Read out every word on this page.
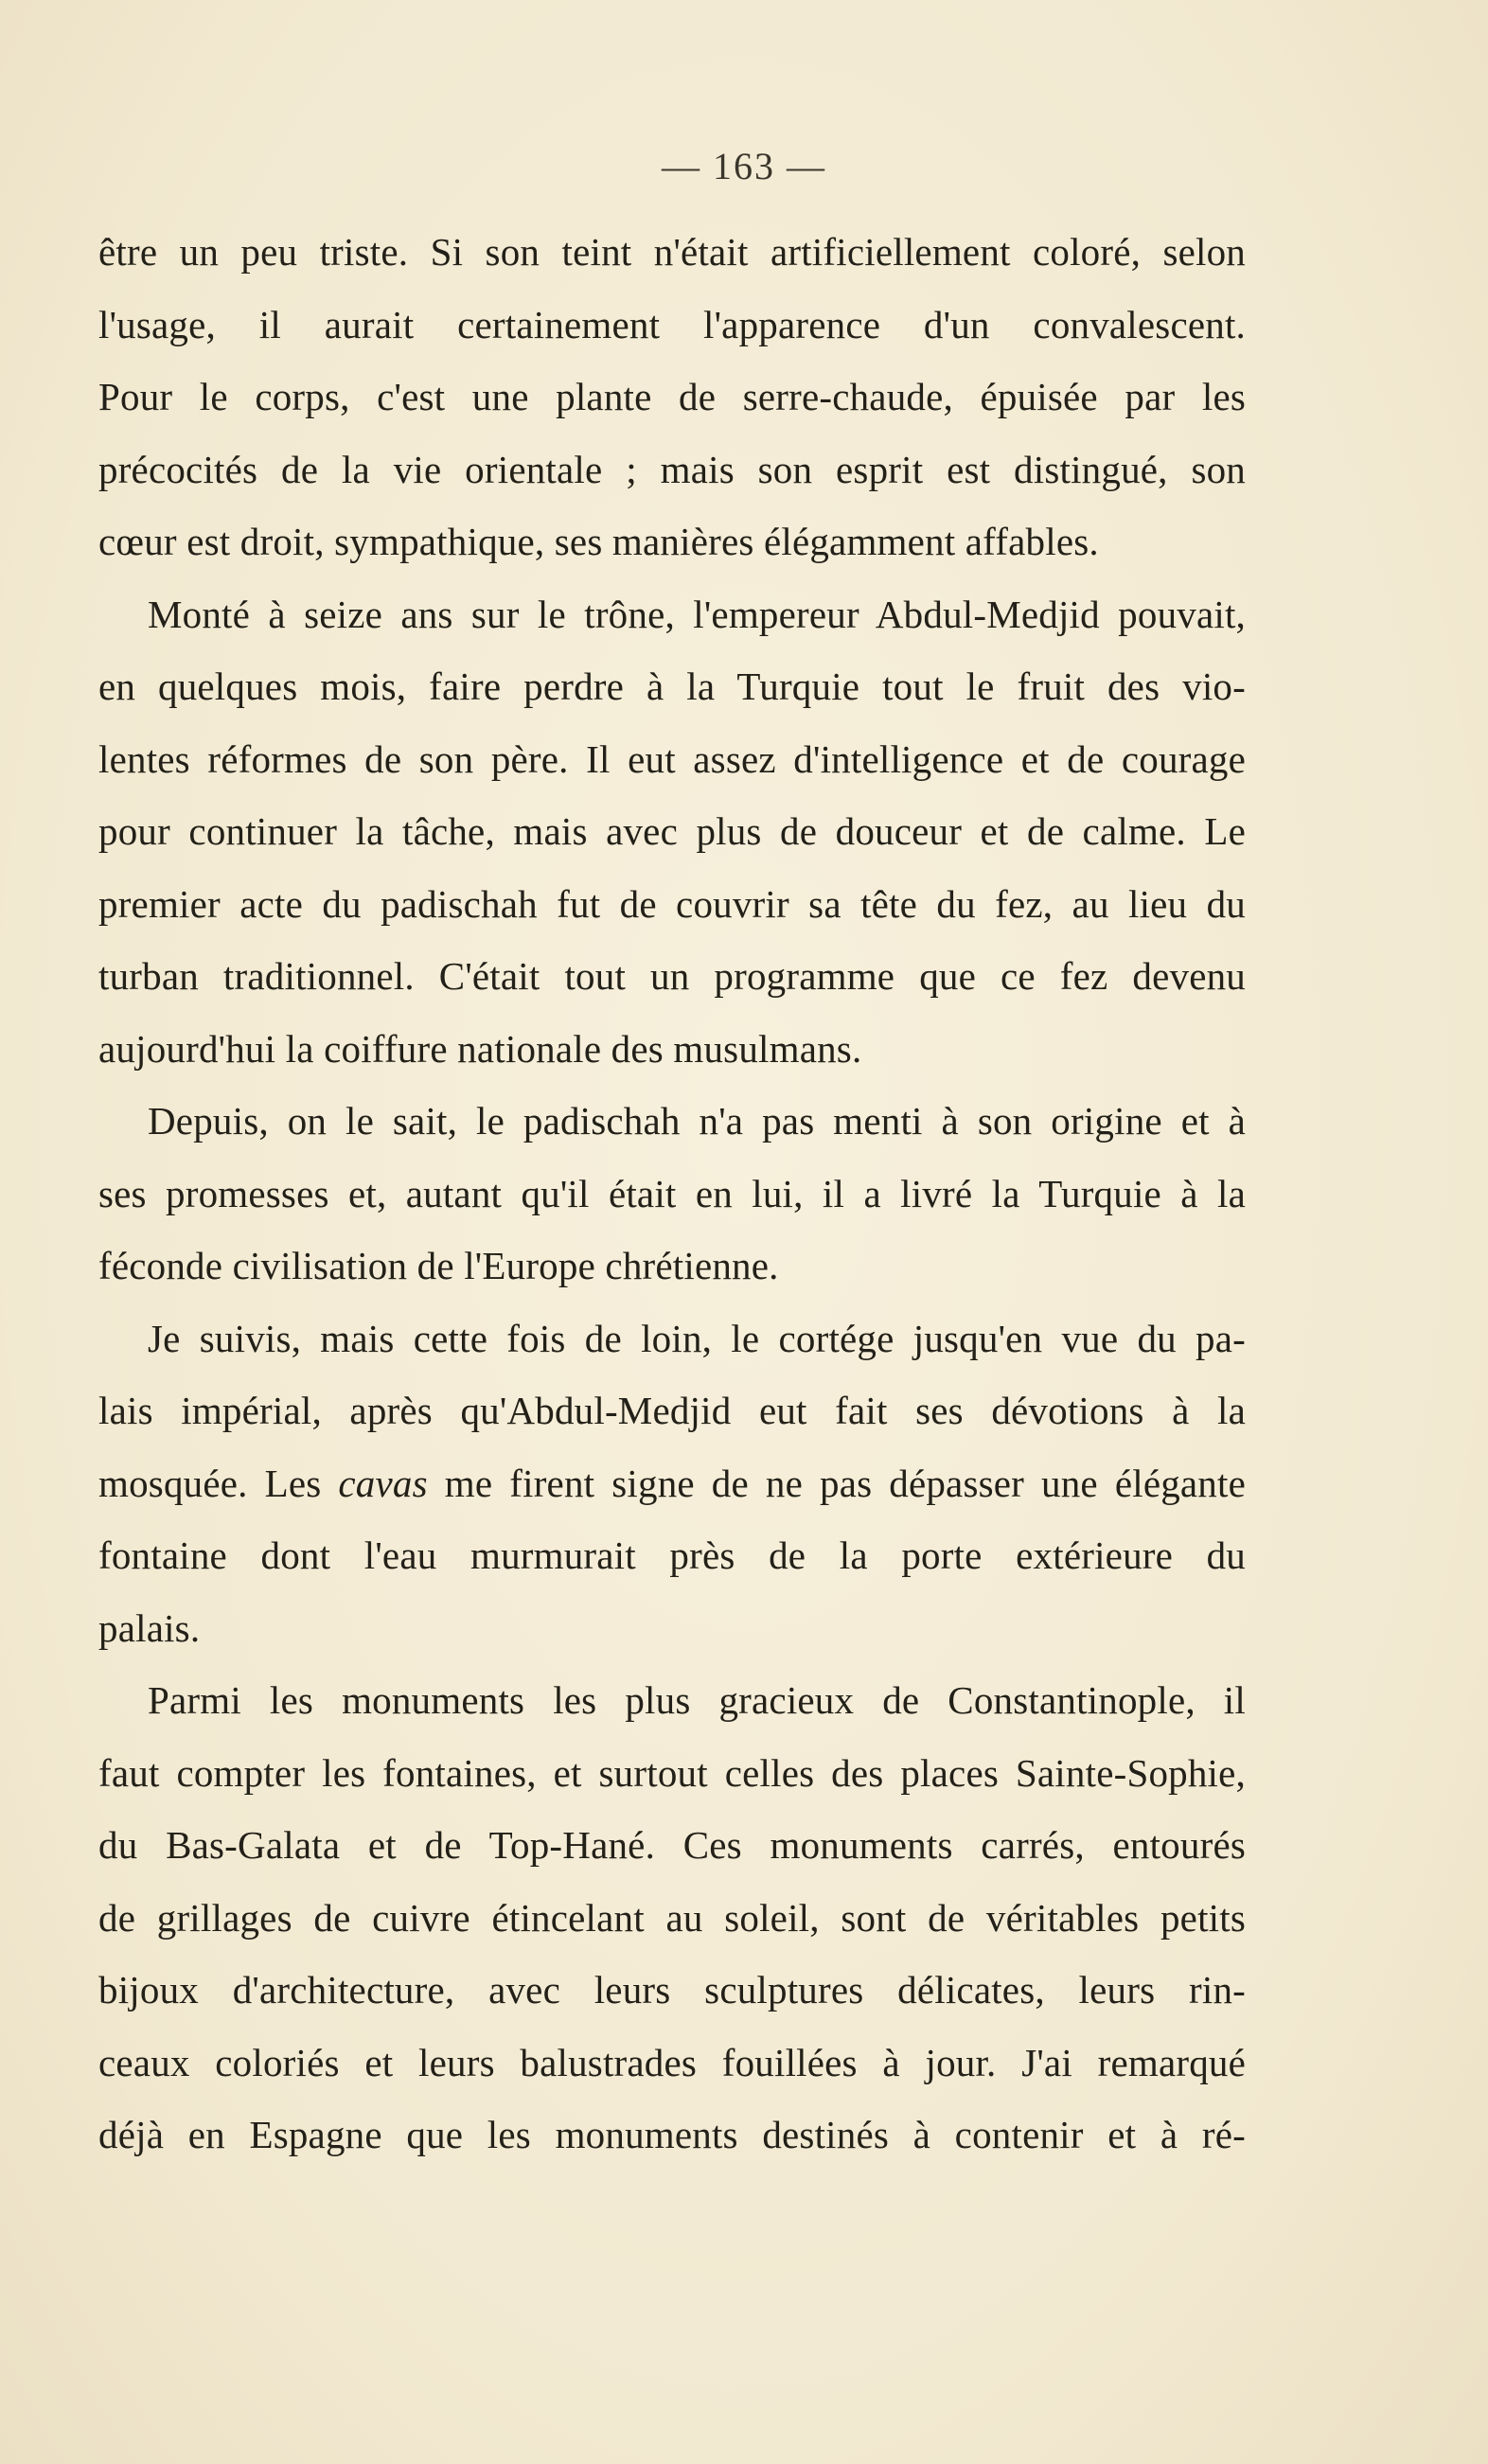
— 163 —

être un peu triste. Si son teint n'était artificiellement coloré, selon
l'usage, il aurait certainement l'apparence d'un convalescent.
Pour le corps, c'est une plante de serre-chaude, épuisée par les
précocités de la vie orientale ; mais son esprit est distingué, son
cœur est droit, sympathique, ses manières élégamment affables.

Monté à seize ans sur le trône, l'empereur Abdul-Medjid pouvait,
en quelques mois, faire perdre à la Turquie tout le fruit des vio-
lentes réformes de son père. Il eut assez d'intelligence et de courage
pour continuer la tâche, mais avec plus de douceur et de calme. Le
premier acte du padischah fut de couvrir sa tête du fez, au lieu du
turban traditionnel. C'était tout un programme que ce fez devenu
aujourd'hui la coiffure nationale des musulmans.

Depuis, on le sait, le padischah n'a pas menti à son origine et à
ses promesses et, autant qu'il était en lui, il a livré la Turquie à la
féconde civilisation de l'Europe chrétienne.

Je suivis, mais cette fois de loin, le cortége jusqu'en vue du pa-
lais impérial, après qu'Abdul-Medjid eut fait ses dévotions à la
mosquée. Les cavas me firent signe de ne pas dépasser une élégante
fontaine dont l'eau murmurait près de la porte extérieure du
palais.

Parmi les monuments les plus gracieux de Constantinople, il
faut compter les fontaines, et surtout celles des places Sainte-Sophie,
du Bas-Galata et de Top-Hané. Ces monuments carrés, entourés
de grillages de cuivre étincelant au soleil, sont de véritables petits
bijoux d'architecture, avec leurs sculptures délicates, leurs rin-
ceaux coloriés et leurs balustrades fouillées à jour. J'ai remarqué
déjà en Espagne que les monuments destinés à contenir et à ré-
